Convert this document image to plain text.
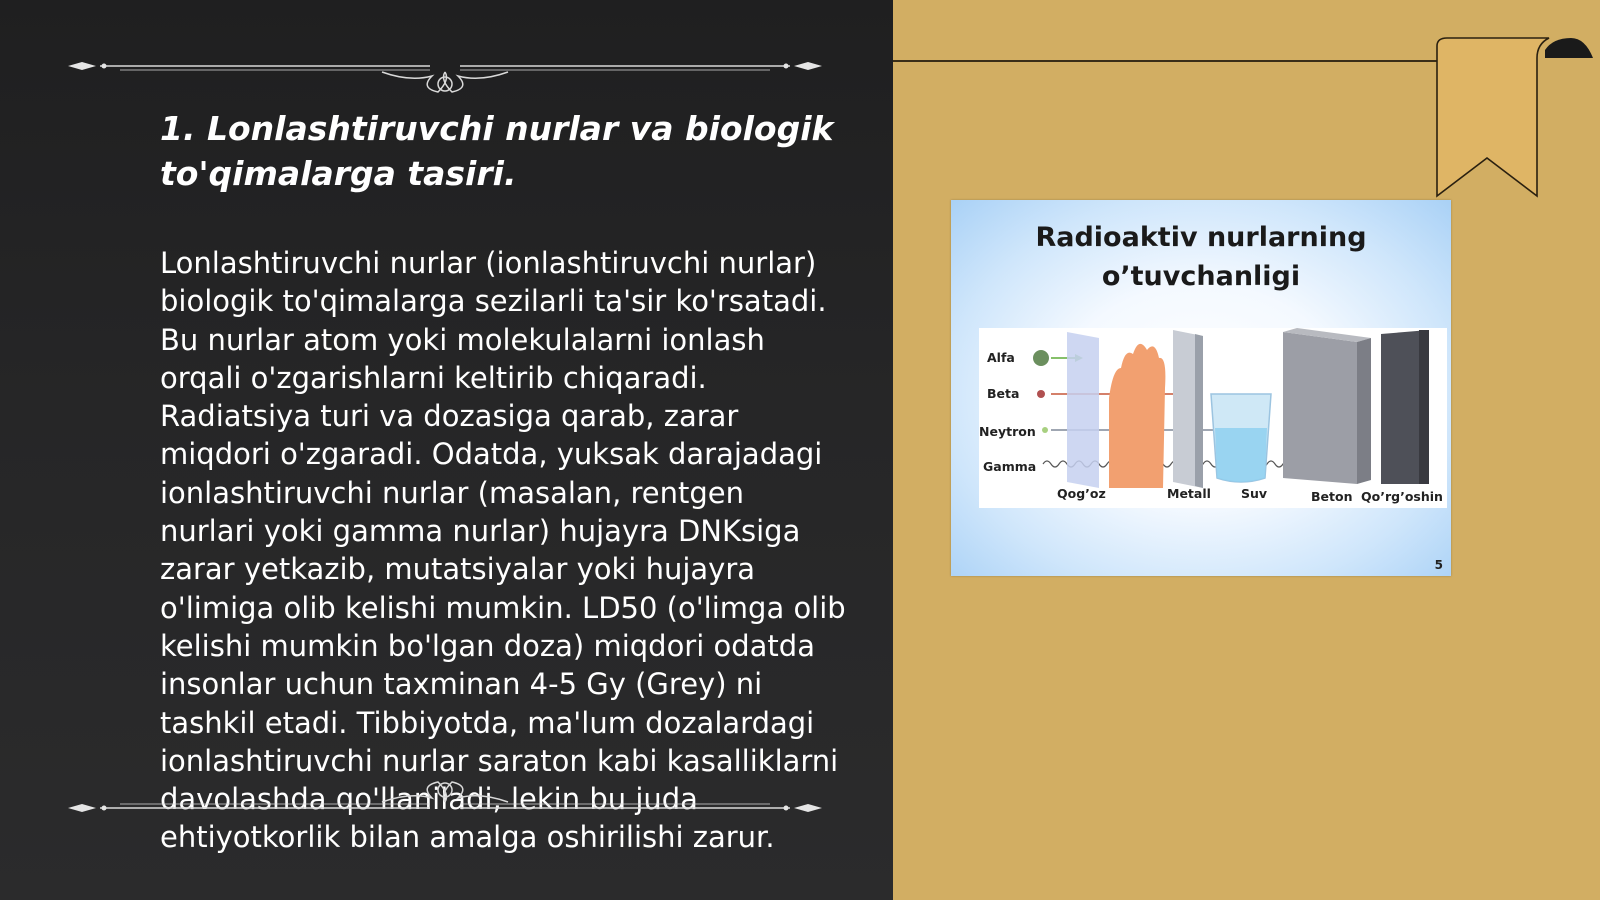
1. Lonlashtiruvchi nurlar va biologik to'qimalarga tasiri.

Lonlashtiruvchi nurlar (ionlashtiruvchi nurlar) biologik to'qimalarga sezilarli ta'sir ko'rsatadi. Bu nurlar atom yoki molekulalarni ionlash orqali o'zgarishlarni keltirib chiqaradi. Radiatsiya turi va dozasiga qarab, zarar miqdori o'zgaradi. Odatda, yuksak darajadagi ionlashtiruvchi nurlar (masalan, rentgen nurlari yoki gamma nurlar) hujayra DNKsiga zarar yetkazib, mutatsiyalar yoki hujayra o'limiga olib kelishi mumkin. LD50 (o'limga olib kelishi mumkin bo'lgan doza) miqdori odatda insonlar uchun taxminan 4-5 Gy (Grey) ni tashkil etadi. Tibbiyotda, ma'lum dozalardagi ionlashtiruvchi nurlar saraton kabi kasalliklarni davolashda qo'llaniladi, lekin bu juda ehtiyotkorlik bilan amalga oshirilishi zarur.

Radioaktiv nurlarning o’tuvchanligi
Alfa
Beta
Neytron
Gamma
Qog’oz	Metall Suv	Beton Qo’rg’oshin
5
